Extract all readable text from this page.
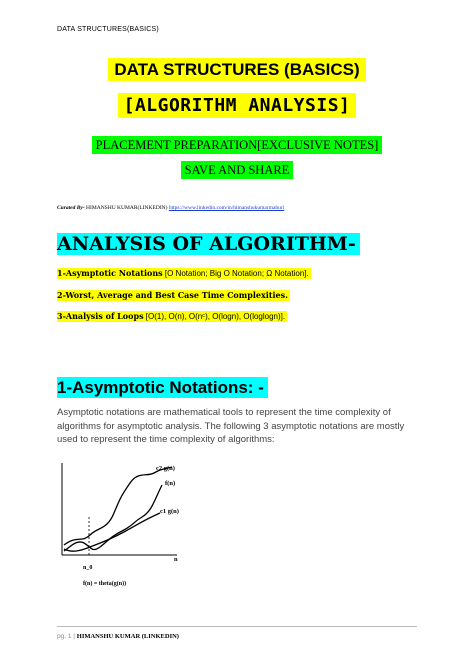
DATA STRUCTURES(BASICS)
DATA STRUCTURES (BASICS)
[ALGORITHM ANALYSIS]
PLACEMENT PREPARATION[EXCLUSIVE NOTES]
SAVE AND SHARE
Curated By- HIMANSHU KUMAR(LINKEDIN) https://www.linkedin.com/in/himanshukumarmahuri
ANALYSIS OF ALGORITHM-
1-Asymptotic Notations [O Notation; Big O Notation; Ω Notation].
2-Worst, Average and Best Case Time Complexities.
3-Analysis of Loops [O(1), O(n), O(nᶜ), O(logn), O(loglogn)].
1-Asymptotic Notations: -
Asymptotic notations are mathematical tools to represent the time complexity of algorithms for asymptotic analysis. The following 3 asymptotic notations are mostly used to represent the time complexity of algorithms:
c2 g(n)
f(n)
c1 g(n)
n
n_0
f(n) = theta(g(n))
pg. 1 | HIMANSHU KUMAR (LINKEDIN)
